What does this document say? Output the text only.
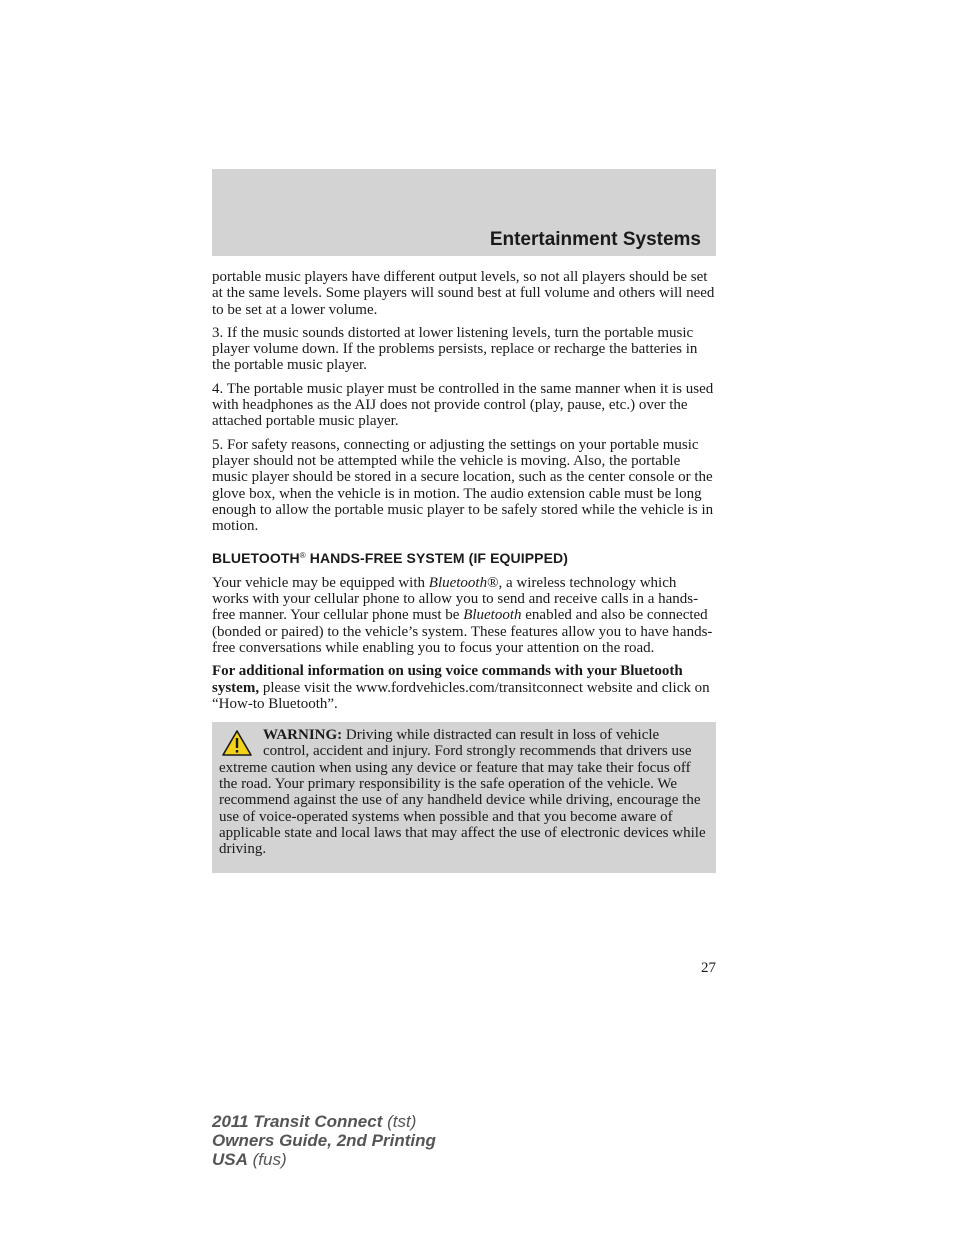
Entertainment Systems

portable music players have different output levels, so not all players should be set at the same levels. Some players will sound best at full volume and others will need to be set at a lower volume.

3. If the music sounds distorted at lower listening levels, turn the portable music player volume down. If the problems persists, replace or recharge the batteries in the portable music player.

4. The portable music player must be controlled in the same manner when it is used with headphones as the AIJ does not provide control (play, pause, etc.) over the attached portable music player.

5. For safety reasons, connecting or adjusting the settings on your portable music player should not be attempted while the vehicle is moving. Also, the portable music player should be stored in a secure location, such as the center console or the glove box, when the vehicle is in motion. The audio extension cable must be long enough to allow the portable music player to be safely stored while the vehicle is in motion.

BLUETOOTH® HANDS-FREE SYSTEM (IF EQUIPPED)

Your vehicle may be equipped with Bluetooth®, a wireless technology which works with your cellular phone to allow you to send and receive calls in a hands-free manner. Your cellular phone must be Bluetooth enabled and also be connected (bonded or paired) to the vehicle’s system. These features allow you to have hands-free conversations while enabling you to focus your attention on the road.

For additional information on using voice commands with your Bluetooth system, please visit the www.fordvehicles.com/transitconnect website and click on “How-to Bluetooth”.

WARNING: Driving while distracted can result in loss of vehicle control, accident and injury. Ford strongly recommends that drivers use extreme caution when using any device or feature that may take their focus off the road. Your primary responsibility is the safe operation of the vehicle. We recommend against the use of any handheld device while driving, encourage the use of voice-operated systems when possible and that you become aware of applicable state and local laws that may affect the use of electronic devices while driving.

27
2011 Transit Connect (tst)
Owners Guide, 2nd Printing
USA (fus)
